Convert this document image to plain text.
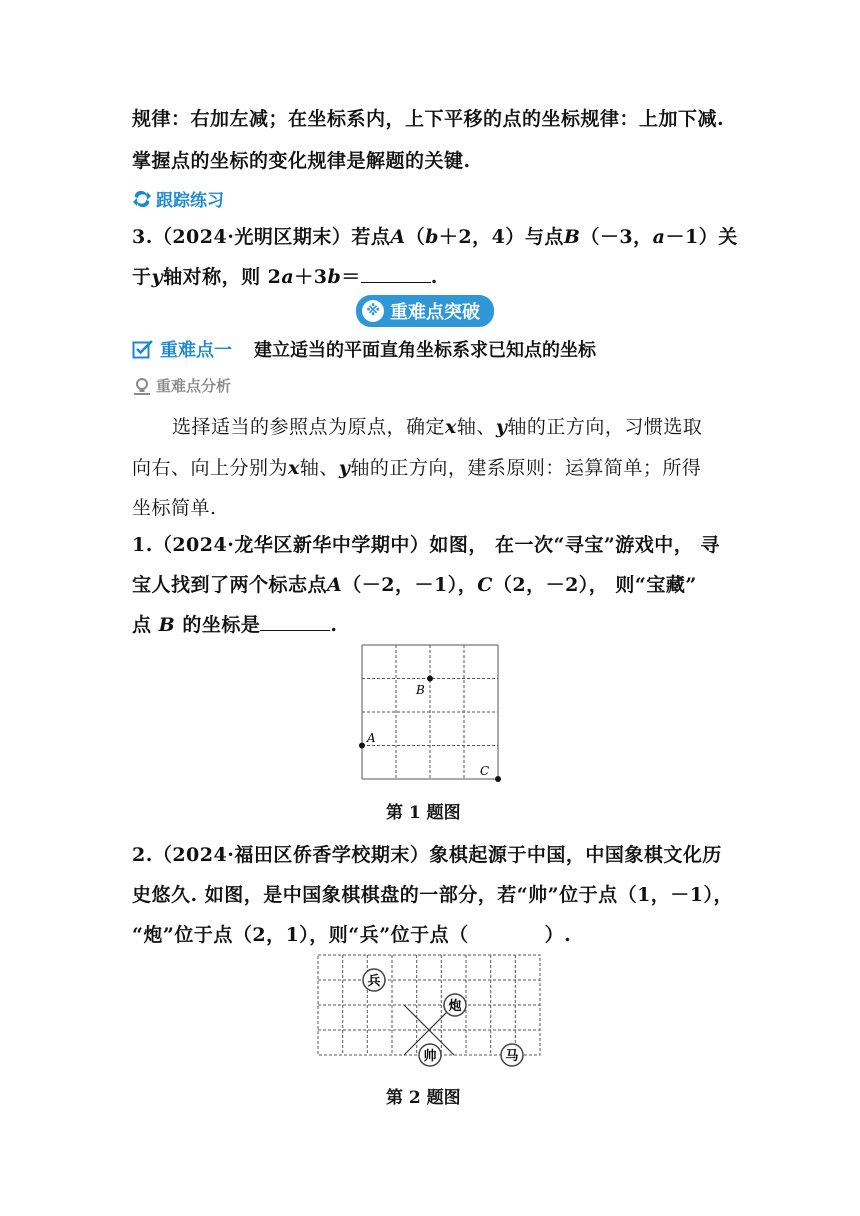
规律：右加左减；在坐标系内，上下平移的点的坐标规律：上加下减.
掌握点的坐标的变化规律是解题的关键.
跟踪练习
3.（2024·光明区期末）若点A（b＋2，4）与点B（－3，a－1）关
于y轴对称，则 2a＋3b＝	.
※ 重难点突破
重难点一 建立适当的平面直角坐标系求已知点的坐标
重难点分析
选择适当的参照点为原点，确定x轴、y轴的正方向，习惯选取
向右、向上分别为x轴、y轴的正方向，建系原则：运算简单；所得
坐标简单.
1.（2024·龙华区新华中学期中）如图， 在一次“寻宝”游戏中， 寻
宝人找到了两个标志点A（－2，－1），C（2，－2）， 则“宝藏”
点 B 的坐标是	.
B
A
C
第 1 题图
2.（2024·福田区侨香学校期末）象棋起源于中国，中国象棋文化历
史悠久. 如图，是中国象棋棋盘的一部分，若“帅”位于点（1，－1），
“炮”位于点（2，1），则“兵”位于点（	）.
兵
炮
帅	马
第 2 题图
